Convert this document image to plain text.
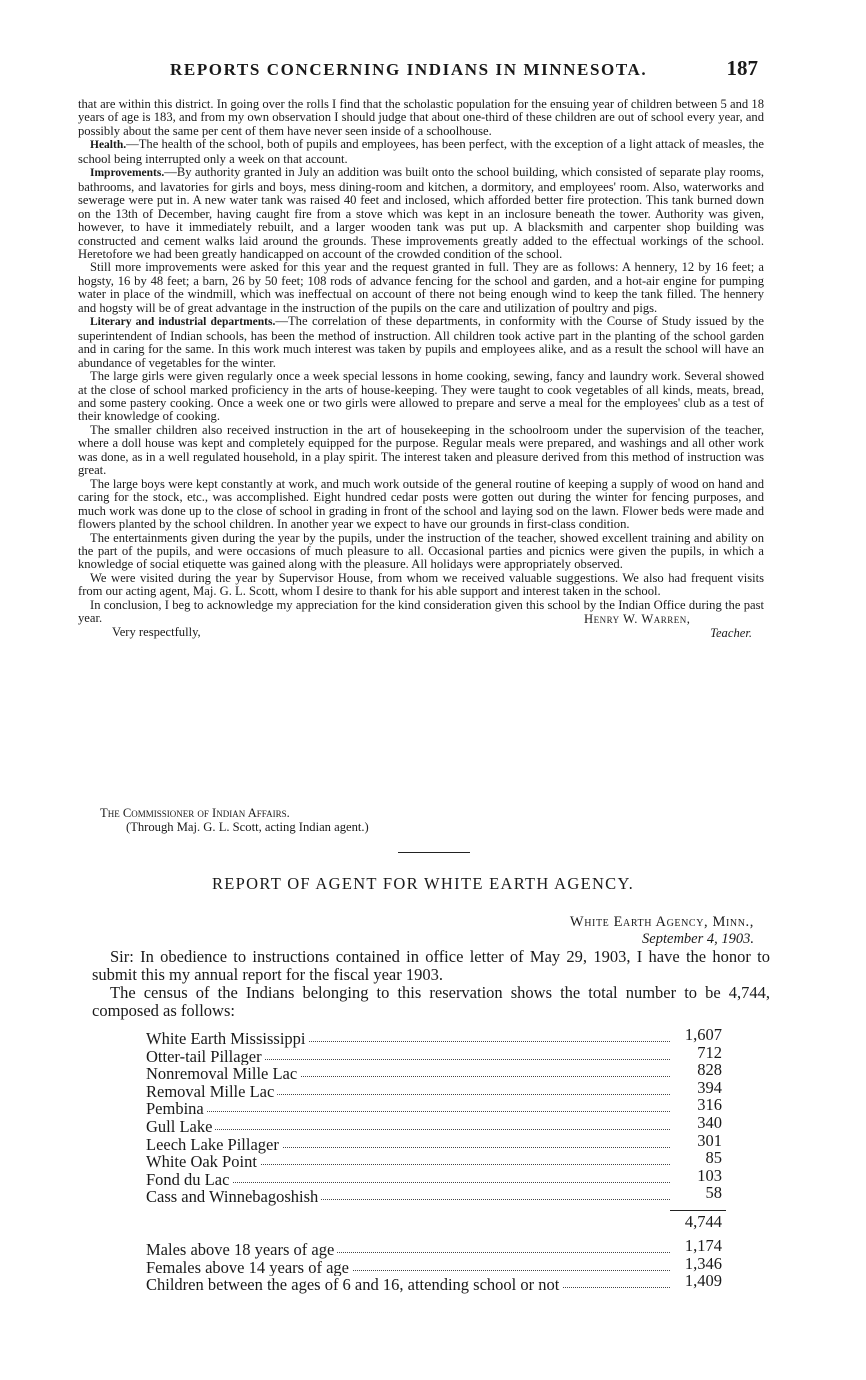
REPORTS CONCERNING INDIANS IN MINNESOTA.	187

that are within this district. In going over the rolls I find that the scholastic population for the ensuing year of children between 5 and 18 years of age is 183, and from my own observation I should judge that about one-third of these children are out of school every year, and possibly about the same per cent of them have never seen inside of a schoolhouse.

Health.—The health of the school, both of pupils and employees, has been perfect, with the exception of a light attack of measles, the school being interrupted only a week on that account.

Improvements.—By authority granted in July an addition was built onto the school building, which consisted of separate play rooms, bathrooms, and lavatories for girls and boys, mess dining-room and kitchen, a dormitory, and employees' room. Also, waterworks and sewerage were put in. A new water tank was raised 40 feet and inclosed, which afforded better fire protection. This tank burned down on the 13th of December, having caught fire from a stove which was kept in an inclosure beneath the tower. Authority was given, however, to have it immediately rebuilt, and a larger wooden tank was put up. A blacksmith and carpenter shop building was constructed and cement walks laid around the grounds. These improvements greatly added to the effectual workings of the school. Heretofore we had been greatly handicapped on account of the crowded condition of the school.

Still more improvements were asked for this year and the request granted in full. They are as follows: A hennery, 12 by 16 feet; a hogsty, 16 by 48 feet; a barn, 26 by 50 feet; 108 rods of advance fencing for the school and garden, and a hot-air engine for pumping water in place of the windmill, which was ineffectual on account of there not being enough wind to keep the tank filled. The hennery and hogsty will be of great advantage in the instruction of the pupils on the care and utilization of poultry and pigs.

Literary and industrial departments.—The correlation of these departments, in conformity with the Course of Study issued by the superintendent of Indian schools, has been the method of instruction. All children took active part in the planting of the school garden and in caring for the same. In this work much interest was taken by pupils and employees alike, and as a result the school will have an abundance of vegetables for the winter.

The large girls were given regularly once a week special lessons in home cooking, sewing, fancy and laundry work. Several showed at the close of school marked proficiency in the arts of house-keeping. They were taught to cook vegetables of all kinds, meats, bread, and some pastery cooking. Once a week one or two girls were allowed to prepare and serve a meal for the employees' club as a test of their knowledge of cooking.

The smaller children also received instruction in the art of housekeeping in the schoolroom under the supervision of the teacher, where a doll house was kept and completely equipped for the purpose. Regular meals were prepared, and washings and all other work was done, as in a well regulated household, in a play spirit. The interest taken and pleasure derived from this method of instruction was great.

The large boys were kept constantly at work, and much work outside of the general routine of keeping a supply of wood on hand and caring for the stock, etc., was accomplished. Eight hundred cedar posts were gotten out during the winter for fencing purposes, and much work was done up to the close of school in grading in front of the school and laying sod on the lawn. Flower beds were made and flowers planted by the school children. In another year we expect to have our grounds in first-class condition.

The entertainments given during the year by the pupils, under the instruction of the teacher, showed excellent training and ability on the part of the pupils, and were occasions of much pleasure to all. Occasional parties and picnics were given the pupils, in which a knowledge of social etiquette was gained along with the pleasure. All holidays were appropriately observed.

We were visited during the year by Supervisor House, from whom we received valuable suggestions. We also had frequent visits from our acting agent, Maj. G. L. Scott, whom I desire to thank for his able support and interest taken in the school.

In conclusion, I beg to acknowledge my appreciation for the kind consideration given this school by the Indian Office during the past year.

Very respectfully,
Henry W. Warren,
Teacher.
The Commissioner of Indian Affairs.
(Through Maj. G. L. Scott, acting Indian agent.)
REPORT OF AGENT FOR WHITE EARTH AGENCY.
White Earth Agency, Minn.,
September 4, 1903.

Sir: In obedience to instructions contained in office letter of May 29, 1903, I have the honor to submit this my annual report for the fiscal year 1903.

The census of the Indians belonging to this reservation shows the total number to be 4,744, composed as follows:

White Earth Mississippi	1,607
Otter-tail Pillager	712
Nonremoval Mille Lac	828
Removal Mille Lac	394
Pembina	316
Gull Lake	340
Leech Lake Pillager	301
White Oak Point	85
Fond du Lac	103
Cass and Winnebagoshish	58
4,744
Males above 18 years of age	1,174
Females above 14 years of age	1,346
Children between the ages of 6 and 16, attending school or not	1,409
